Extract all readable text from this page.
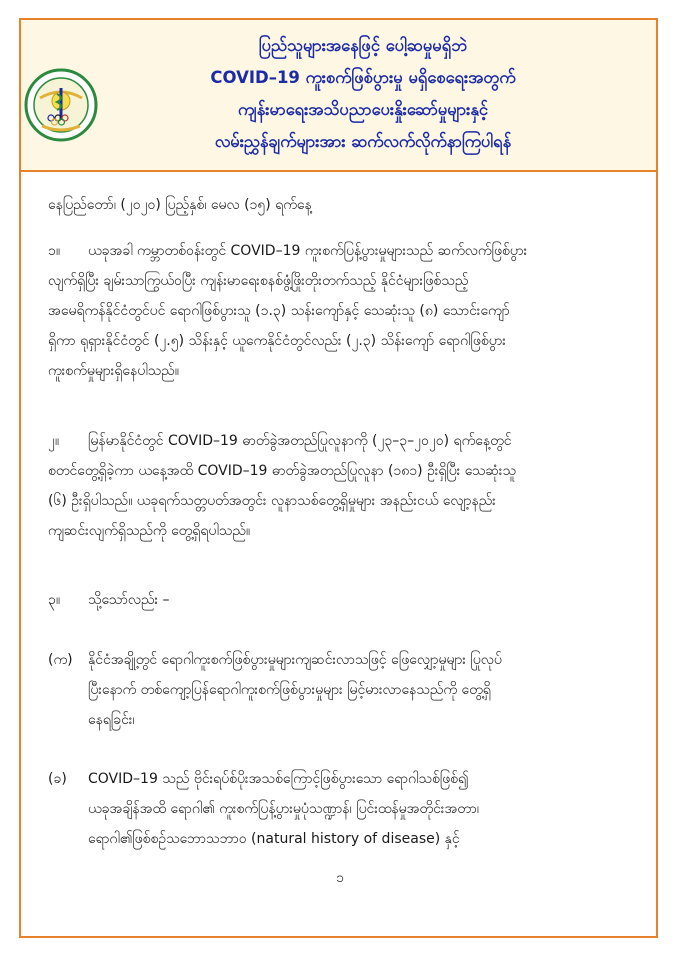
ပြည်သူများအနေဖြင့် ပေါ့ဆမှုမရှိဘဲ
COVID–19 ကူးစက်ဖြစ်ပွားမှု မရှိစေရေးအတွက်
ကျန်းမာရေးအသိပညာပေးနှိုးဆော်မှုများနှင့်
လမ်းညွှန်ချက်များအား ဆက်လက်လိုက်နာကြပါရန်
နေပြည်တော်၊ (၂၀၂၀) ပြည့်နှစ်၊ မေလ (၁၅) ရက်နေ့
၁။ ယခုအခါ ကမ္ဘာတစ်ဝန်းတွင် COVID–19 ကူးစက်ပြန့်ပွားမှုများသည် ဆက်လက်ဖြစ်ပွား
လျက်ရှိပြီး ချမ်းသာကြွယ်ဝပြီး ကျန်းမာရေးစနစ်ဖွံ့ဖြိုးတိုးတက်သည့် နိုင်ငံများဖြစ်သည့်
အမေရိကန်နိုင်ငံတွင်ပင် ရောဂါဖြစ်ပွားသူ (၁.၃) သန်းကျော်နှင့် သေဆုံးသူ (၈) သောင်းကျော်
ရှိကာ ရုရှားနိုင်ငံတွင် (၂.၅) သိန်းနှင့် ယူကေနိုင်ငံတွင်လည်း (၂.၃) သိန်းကျော် ရောဂါဖြစ်ပွား
ကူးစက်မှုများရှိနေပါသည်။
၂။ မြန်မာနိုင်ငံတွင် COVID–19 ဓာတ်ခွဲအတည်ပြုလူနာကို (၂၃–၃–၂၀၂၀) ရက်နေ့တွင်
စတင်တွေ့ရှိခဲ့ကာ ယနေ့အထိ COVID–19 ဓာတ်ခွဲအတည်ပြုလူနာ (၁၈၁) ဦးရှိပြီး သေဆုံးသူ
(၆) ဦးရှိပါသည်။ ယခုရက်သတ္တပတ်အတွင်း လူနာသစ်တွေ့ရှိမှုများ အနည်းငယ် လျော့နည်း
ကျဆင်းလျက်ရှိသည်ကို တွေ့ရှိရပါသည်။
၃။ သို့သော်လည်း –
(က) နိုင်ငံအချို့တွင် ရောဂါကူးစက်ဖြစ်ပွားမှုများကျဆင်းလာသဖြင့် ဖြေလျှော့မှုများ ပြုလုပ်
ပြီးနောက် တစ်ကျော့ပြန်ရောဂါကူးစက်ဖြစ်ပွားမှုများ မြင့်မားလာနေသည်ကို တွေ့ရှိ
နေရခြင်း၊
(ခ) COVID–19 သည် ဗိုင်းရပ်စ်ပိုးအသစ်ကြောင့်ဖြစ်ပွားသော ရောဂါသစ်ဖြစ်၍
ယခုအချိန်အထိ ရောဂါ၏ ကူးစက်ပြန့်ပွားမှုပုံသဏ္ဍာန်၊ ပြင်းထန်မှုအတိုင်းအတာ၊
ရောဂါ၏ဖြစ်စဉ်သဘောသဘာဝ (natural history of disease) နှင့်
၁
